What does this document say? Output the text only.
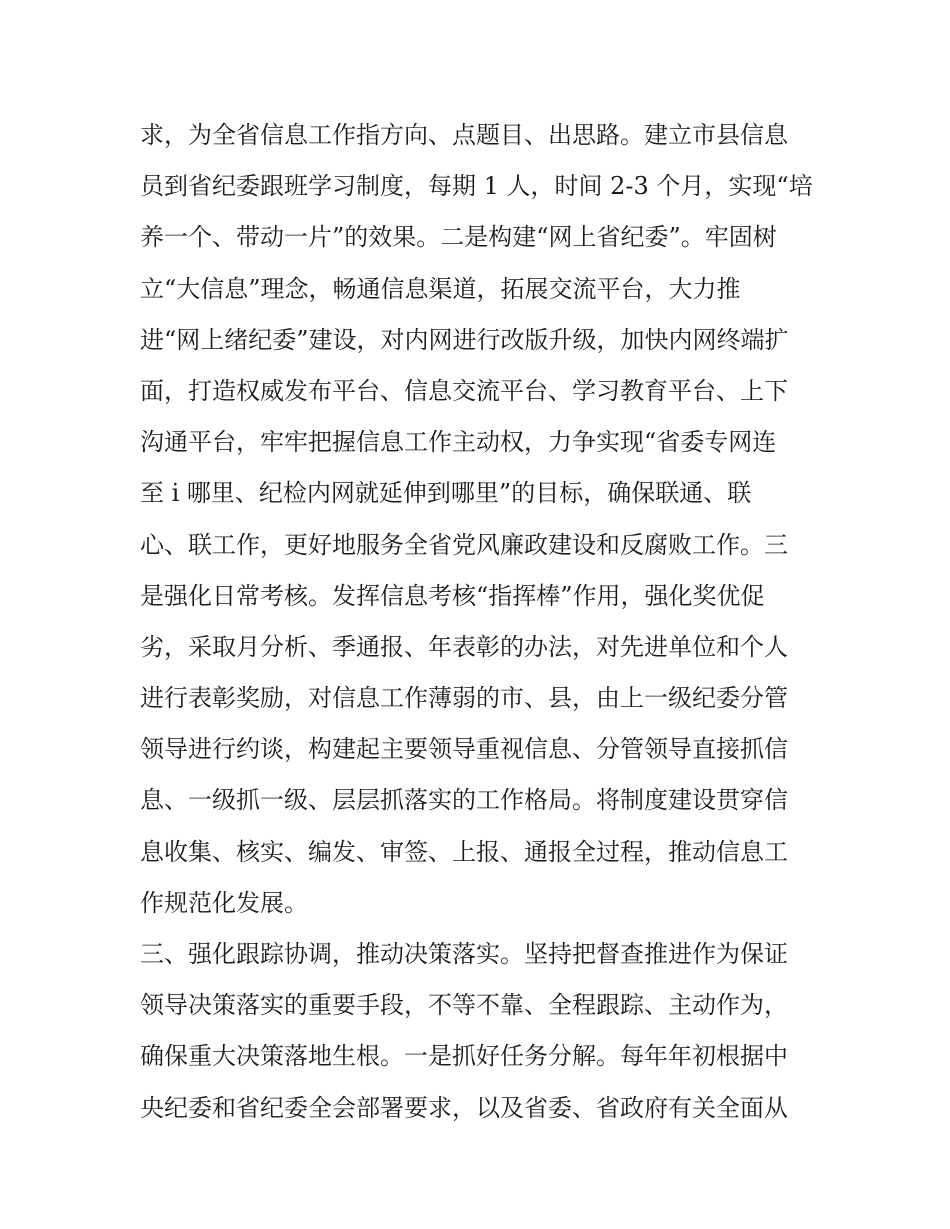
求，为全省信息工作指方向、点题目、出思路。建立市县信息
员到省纪委跟班学习制度，每期 1 人，时间 2-3 个月，实现“培
养一个、带动一片”的效果。二是构建“网上省纪委”。牢固树
立“大信息”理念，畅通信息渠道，拓展交流平台，大力推
进“网上绪纪委”建设，对内网进行改版升级，加快内网终端扩
面，打造权威发布平台、信息交流平台、学习教育平台、上下
沟通平台，牢牢把握信息工作主动权，力争实现“省委专网连
至 i 哪里、纪检内网就延伸到哪里”的目标，确保联通、联
心、联工作，更好地服务全省党风廉政建设和反腐败工作。三
是强化日常考核。发挥信息考核“指挥棒”作用，强化奖优促
劣，采取月分析、季通报、年表彰的办法，对先进单位和个人
进行表彰奖励，对信息工作薄弱的市、县，由上一级纪委分管
领导进行约谈，构建起主要领导重视信息、分管领导直接抓信
息、一级抓一级、层层抓落实的工作格局。将制度建设贯穿信
息收集、核实、编发、审签、上报、通报全过程，推动信息工
作规范化发展。
三、强化跟踪协调，推动决策落实。坚持把督查推进作为保证
领导决策落实的重要手段，不等不靠、全程跟踪、主动作为，
确保重大决策落地生根。一是抓好任务分解。每年年初根据中
央纪委和省纪委全会部署要求，以及省委、省政府有关全面从
